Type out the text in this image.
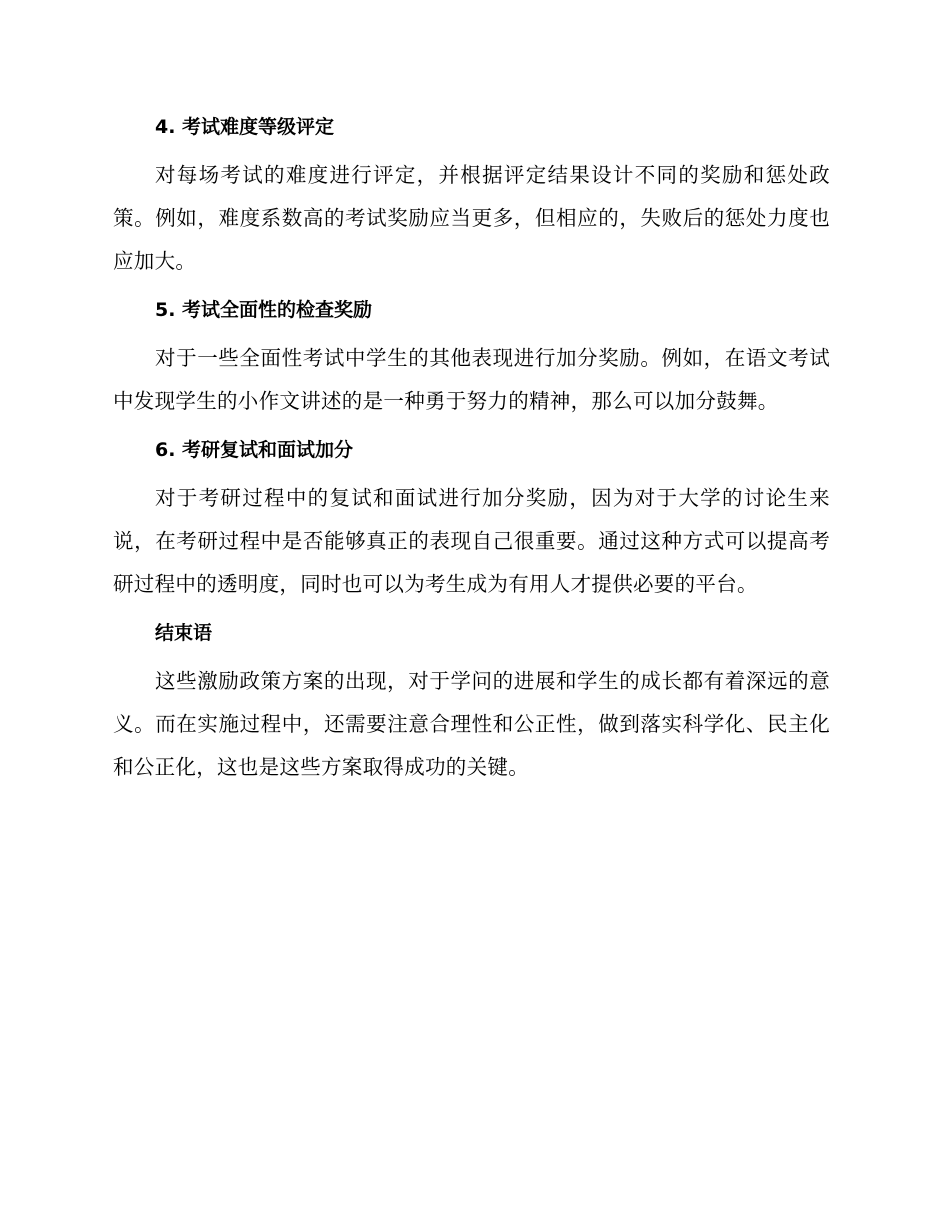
4. 考试难度等级评定

对每场考试的难度进行评定，并根据评定结果设计不同的奖励和惩处政策。例如，难度系数高的考试奖励应当更多，但相应的，失败后的惩处力度也应加大。

5. 考试全面性的检查奖励

对于一些全面性考试中学生的其他表现进行加分奖励。例如，在语文考试中发现学生的小作文讲述的是一种勇于努力的精神，那么可以加分鼓舞。

6. 考研复试和面试加分

对于考研过程中的复试和面试进行加分奖励，因为对于大学的讨论生来说，在考研过程中是否能够真正的表现自己很重要。通过这种方式可以提高考研过程中的透明度，同时也可以为考生成为有用人才提供必要的平台。

结束语

这些激励政策方案的出现，对于学问的进展和学生的成长都有着深远的意义。而在实施过程中，还需要注意合理性和公正性，做到落实科学化、民主化和公正化，这也是这些方案取得成功的关键。
